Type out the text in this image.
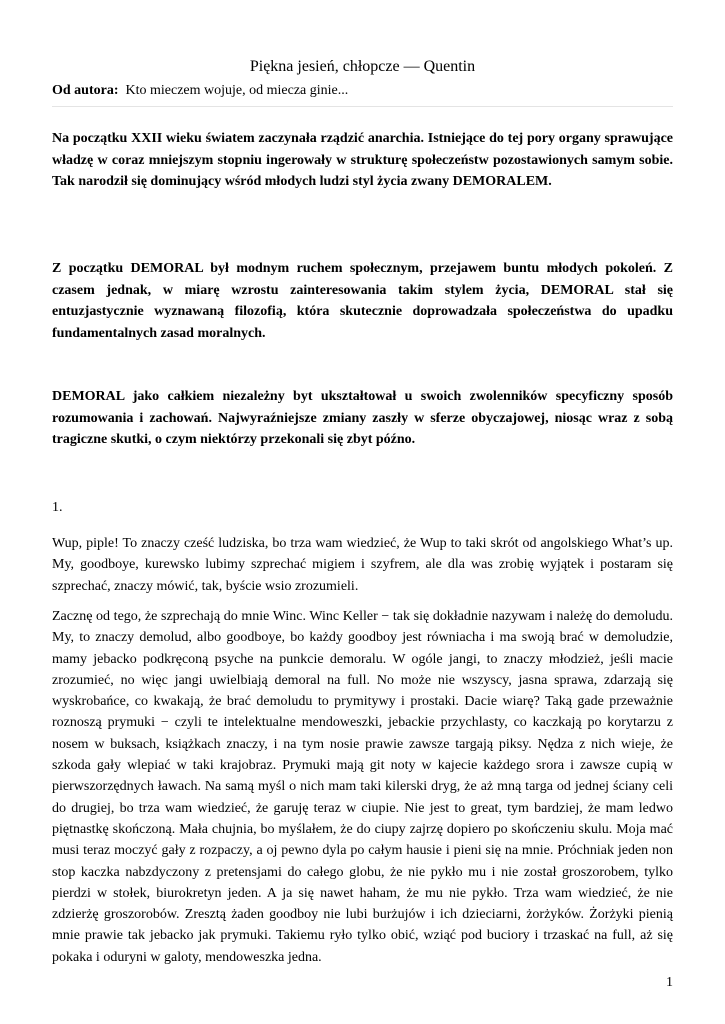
Piękna jesień, chłopcze — Quentin
Od autora: Kto mieczem wojuje, od miecza ginie...

Na początku XXII wieku światem zaczynała rządzić anarchia. Istniejące do tej pory organy sprawujące władzę w coraz mniejszym stopniu ingerowały w strukturę społeczeństw pozostawionych samym sobie. Tak narodził się dominujący wśród młodych ludzi styl życia zwany DEMORALEM.

Z początku DEMORAL był modnym ruchem społecznym, przejawem buntu młodych pokoleń. Z czasem jednak, w miarę wzrostu zainteresowania takim stylem życia, DEMORAL stał się entuzjastycznie wyznawaną filozofią, która skutecznie doprowadzała społeczeństwa do upadku fundamentalnych zasad moralnych.

DEMORAL jako całkiem niezależny byt ukształtował u swoich zwolenników specyficzny sposób rozumowania i zachowań. Najwyraźniejsze zmiany zaszły w sferze obyczajowej, niosąc wraz z sobą tragiczne skutki, o czym niektórzy przekonali się zbyt późno.

1.

Wup, piple! To znaczy cześć ludziska, bo trza wam wiedzieć, że Wup to taki skrót od angolskiego What’s up. My, goodboye, kurewsko lubimy szprechać migiem i szyfrem, ale dla was zrobię wyjątek i postaram się szprechać, znaczy mówić, tak, byście wsio zrozumieli.

Zacznę od tego, że szprechają do mnie Winc. Winc Keller − tak się dokładnie nazywam i należę do demoludu. My, to znaczy demolud, albo goodboye, bo każdy goodboy jest równiacha i ma swoją brać w demoludzie, mamy jebacko podkręconą psyche na punkcie demoralu. W ogóle jangi, to znaczy młodzież, jeśli macie zrozumieć, no więc jangi uwielbiają demoral na full. No może nie wszyscy, jasna sprawa, zdarzają się wyskrobańce, co kwakają, że brać demoludu to prymitywy i prostaki. Dacie wiarę? Taką gade przeważnie roznoszą prymuki − czyli te intelektualne mendoweszki, jebackie przychlasty, co kaczkają po korytarzu z nosem w buksach, książkach znaczy, i na tym nosie prawie zawsze targają piksy. Nędza z nich wieje, że szkoda gały wlepiać w taki krajobraz. Prymuki mają git noty w kajecie każdego srora i zawsze cupią w pierwszorzędnych ławach. Na samą myśl o nich mam taki kilerski dryg, że aż mną targa od jednej ściany celi do drugiej, bo trza wam wiedzieć, że garuję teraz w ciupie. Nie jest to great, tym bardziej, że mam ledwo piętnastkę skończoną. Mała chujnia, bo myślałem, że do ciupy zajrzę dopiero po skończeniu skulu. Moja mać musi teraz moczyć gały z rozpaczy, a oj pewno dyla po całym hausie i pieni się na mnie. Próchniak jeden non stop kaczka nabzdyczony z pretensjami do całego globu, że nie pykło mu i nie został groszorobem, tylko pierdzi w stołek, biurokretyn jeden. A ja się nawet haham, że mu nie pykło. Trza wam wiedzieć, że nie zdzierżę groszorobów. Zresztą żaden goodboy nie lubi burżujów i ich dzieciarni, żorżyków. Żorżyki pienią mnie prawie tak jebacko jak prymuki. Takiemu ryło tylko obić, wziąć pod buciory i trzaskać na full, aż się pokaka i oduryni w galoty, mendoweszka jedna.

1
